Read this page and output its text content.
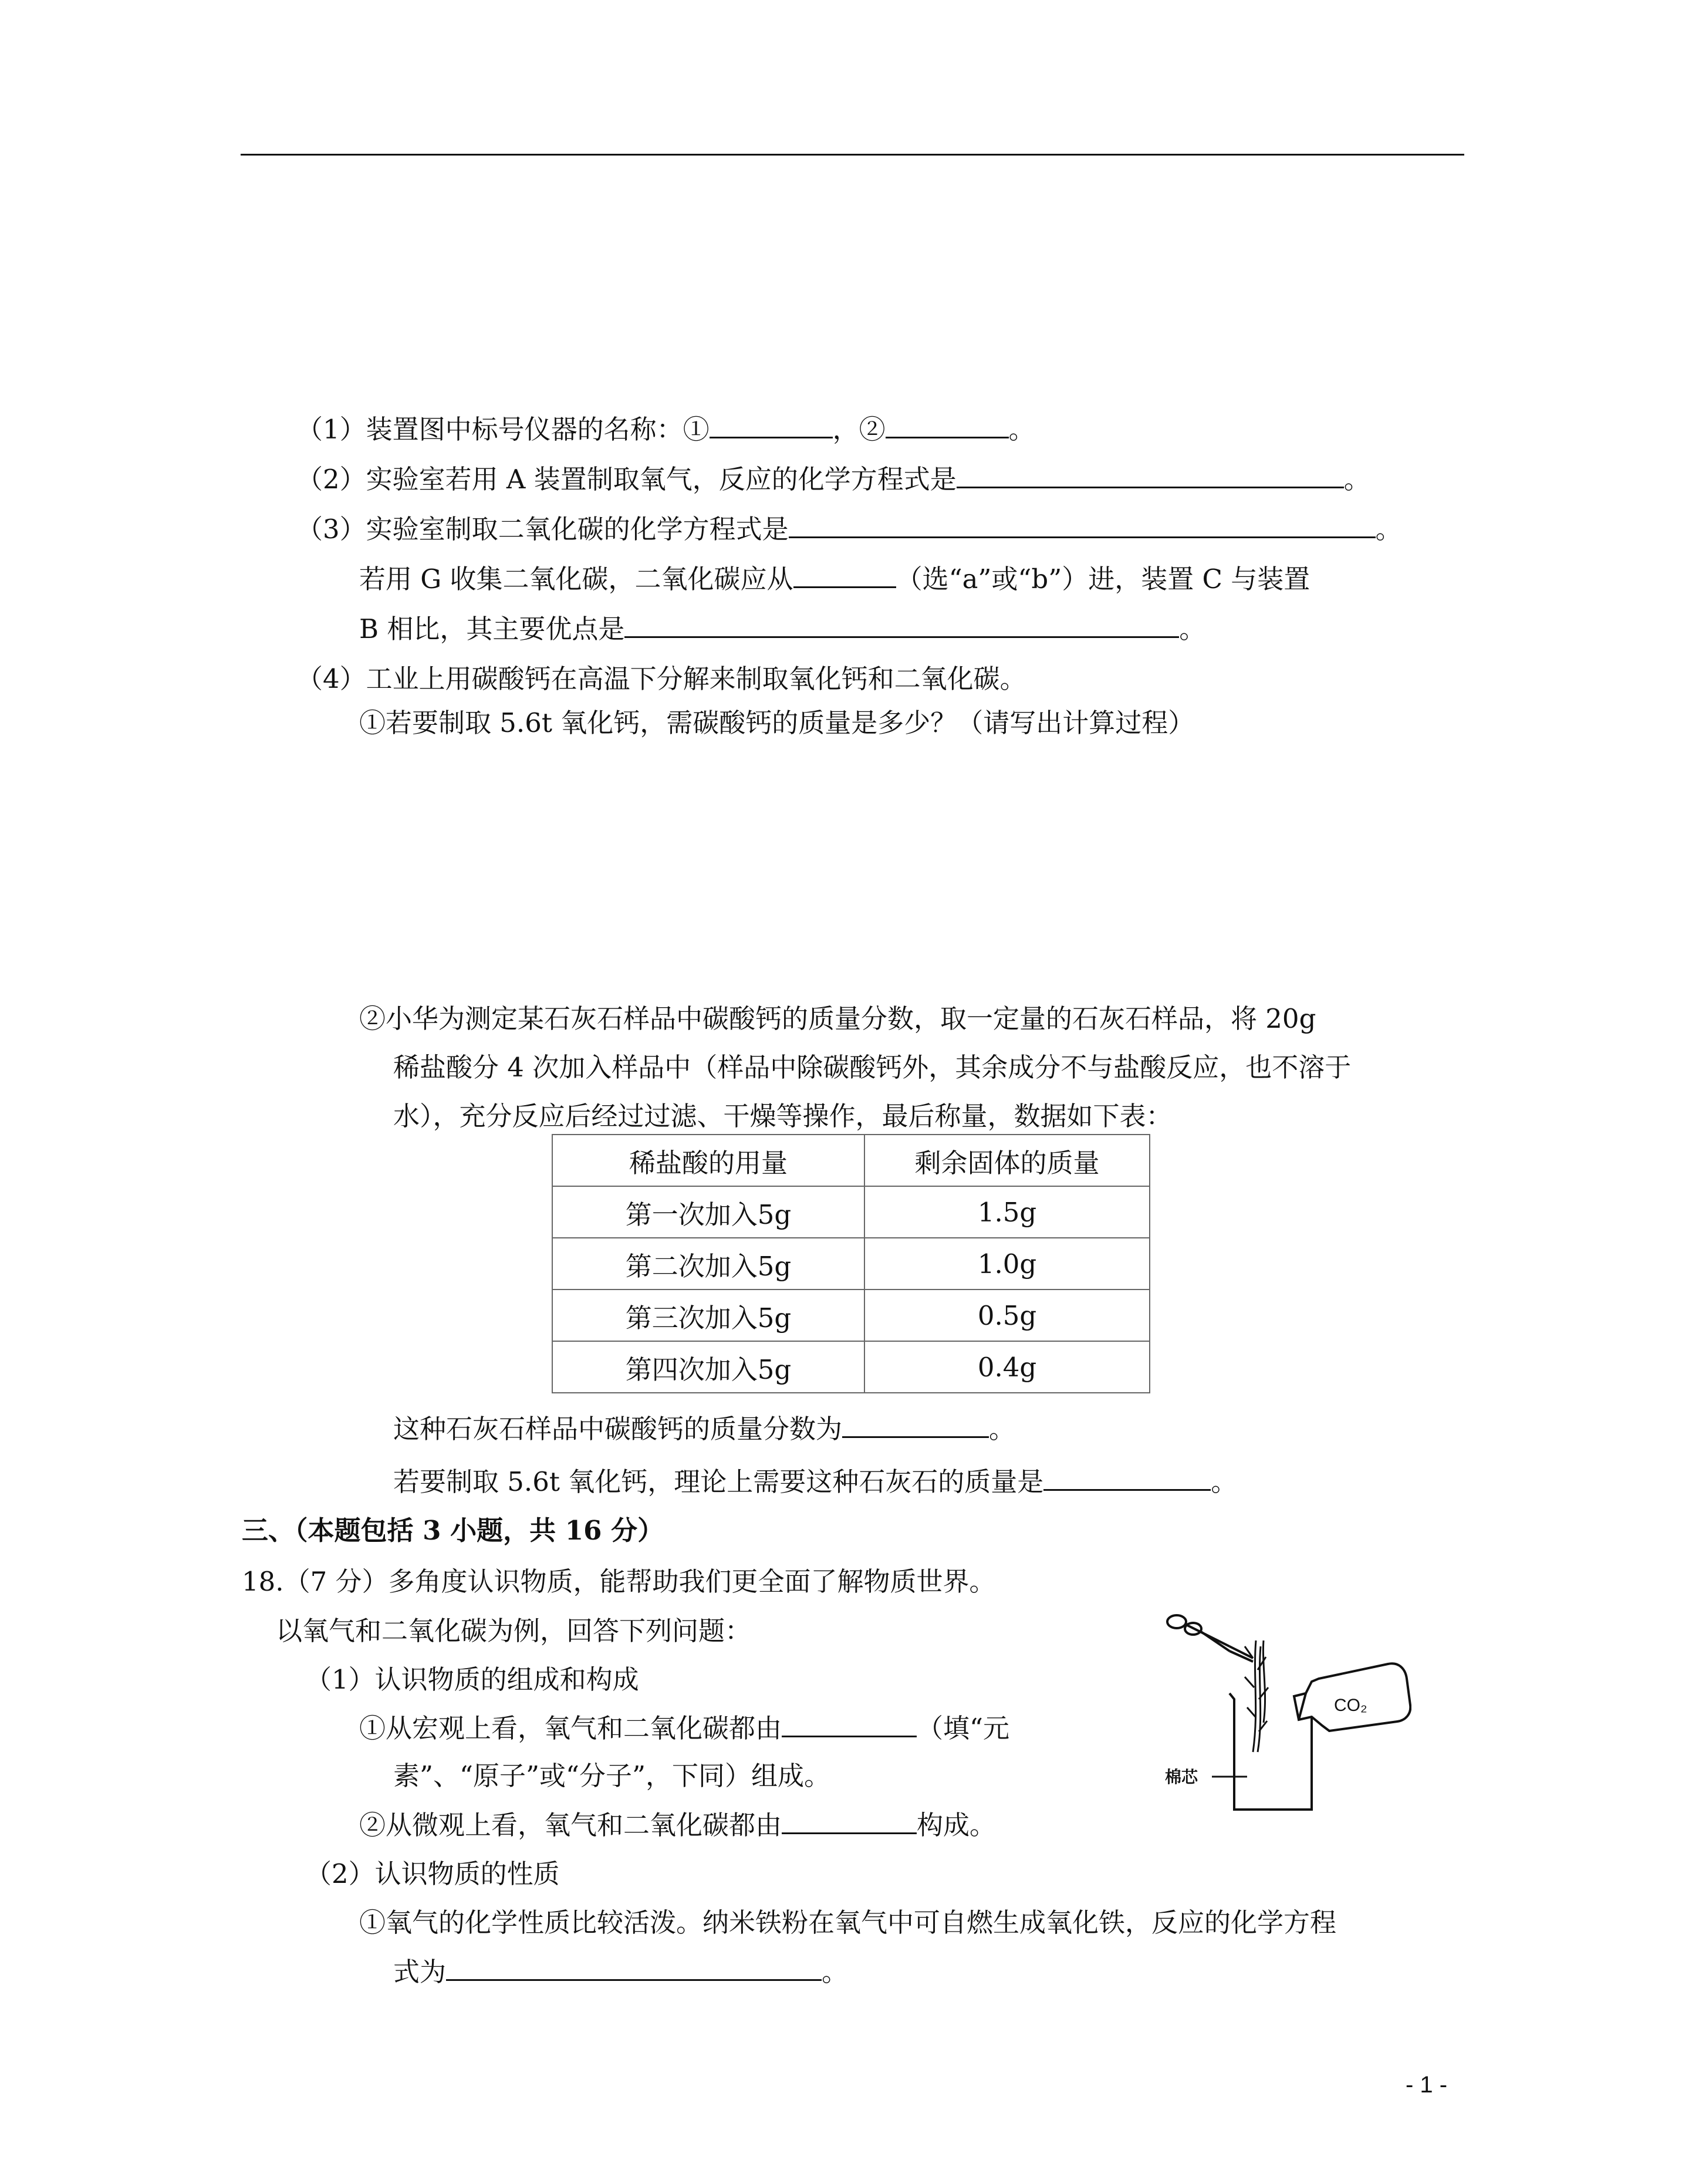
（1）装置图中标号仪器的名称：①	，②	。
（2）实验室若用 A 装置制取氧气，反应的化学方程式是	。
（3）实验室制取二氧化碳的化学方程式是	。
若用 G 收集二氧化碳，二氧化碳应从	（选“a”或“b”）进，装置 C 与装置
B 相比，其主要优点是	。
（4）工业上用碳酸钙在高温下分解来制取氧化钙和二氧化碳。
①若要制取 5.6t 氧化钙，需碳酸钙的质量是多少？（请写出计算过程）
②小华为测定某石灰石样品中碳酸钙的质量分数，取一定量的石灰石样品，将 20g
稀盐酸分 4 次加入样品中（样品中除碳酸钙外，其余成分不与盐酸反应，也不溶于
水），充分反应后经过过滤、干燥等操作，最后称量，数据如下表：
稀盐酸的用量	剩余固体的质量
第一次加入5g	1.5g
第二次加入5g	1.0g
第三次加入5g	0.5g
第四次加入5g	0.4g
这种石灰石样品中碳酸钙的质量分数为	。
若要制取 5.6t 氧化钙，理论上需要这种石灰石的质量是	。
三、（本题包括 3 小题，共 16 分）
18.（7 分）多角度认识物质，能帮助我们更全面了解物质世界。
以氧气和二氧化碳为例，回答下列问题：
（1）认识物质的组成和构成
①从宏观上看，氧气和二氧化碳都由	（填“元
素”、“原子”或“分子”，下同）组成。
②从微观上看，氧气和二氧化碳都由	构成。
（2）认识物质的性质
①氧气的化学性质比较活泼。纳米铁粉在氧气中可自燃生成氧化铁，反应的化学方程
式为	。
CO₂
棉芯
- 1 -
